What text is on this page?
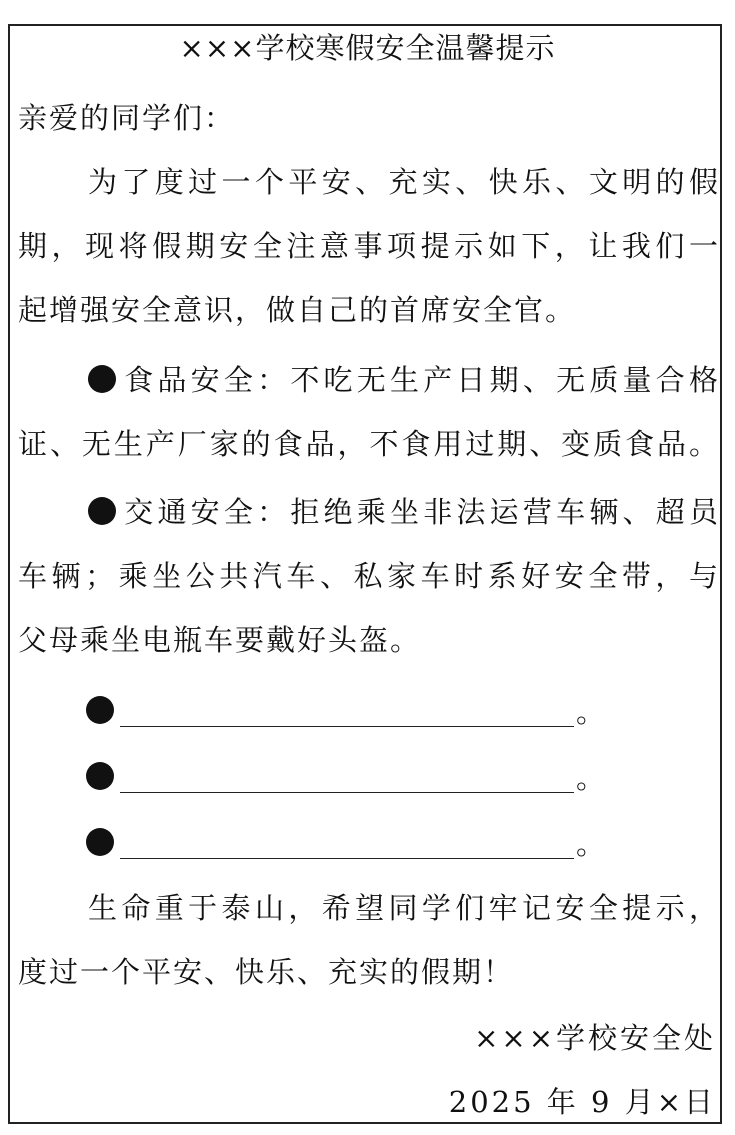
×××学校寒假安全温馨提示
亲爱的同学们：
为了度过一个平安、充实、快乐、文明的假
期，现将假期安全注意事项提示如下，让我们一
起增强安全意识，做自己的首席安全官。
食品安全：不吃无生产日期、无质量合格
证、无生产厂家的食品，不食用过期、变质食品。
交通安全：拒绝乘坐非法运营车辆、超员
车辆；乘坐公共汽车、私家车时系好安全带，与
父母乘坐电瓶车要戴好头盔。
。
。
。
生命重于泰山，希望同学们牢记安全提示，
度过一个平安、快乐、充实的假期！
×××学校安全处
2025 年 9 月×日
